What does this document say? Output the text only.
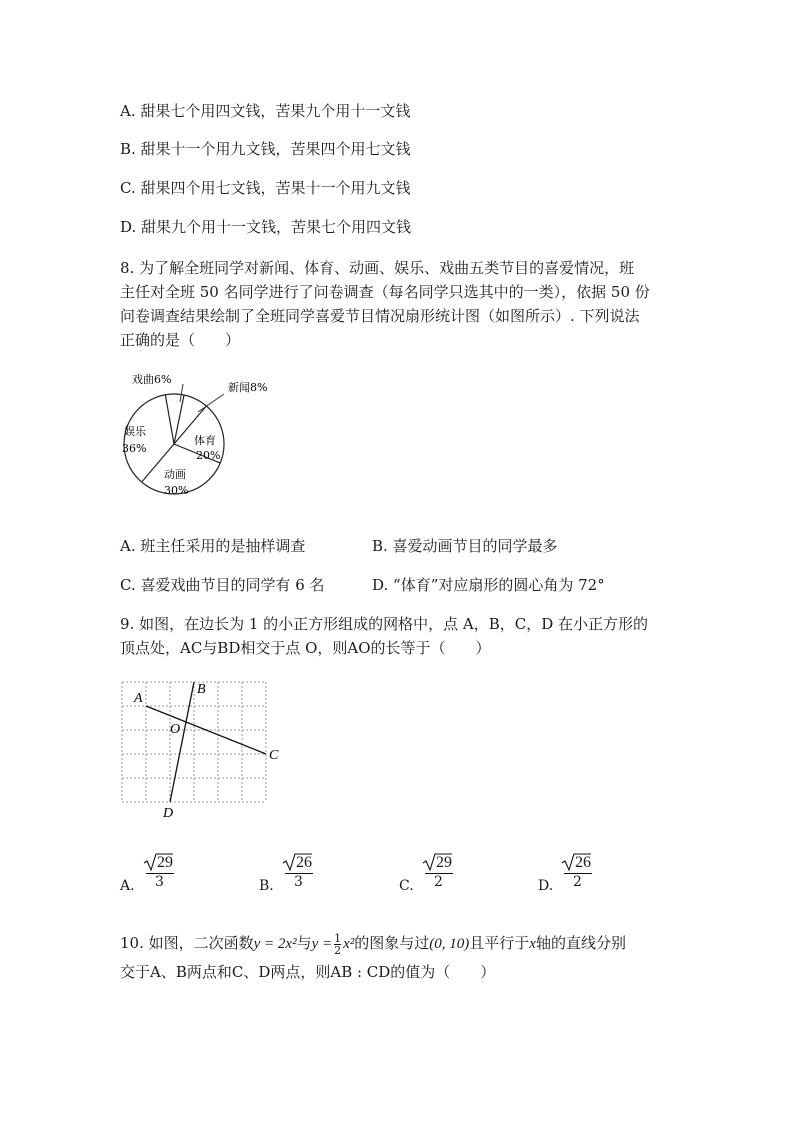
A. 甜果七个用四文钱，苦果九个用十一文钱
B. 甜果十一个用九文钱，苦果四个用七文钱
C. 甜果四个用七文钱，苦果十一个用九文钱
D. 甜果九个用十一文钱，苦果七个用四文钱
8. 为了解全班同学对新闻、体育、动画、娱乐、戏曲五类节目的喜爱情况，班
主任对全班 50 名同学进行了问卷调查（每名同学只选其中的一类），依据 50 份
问卷调查结果绘制了全班同学喜爱节目情况扇形统计图（如图所示）. 下列说法
正确的是（　　）
戏曲6%
新闻8%
体育
20%
动画
30%
娱乐
36%
A. 班主任采用的是抽样调查	B. 喜爱动画节目的同学最多
C. 喜爱戏曲节目的同学有 6 名	D. “体育”对应扇形的圆心角为 72°
9. 如图，在边长为 1 的小正方形组成的网格中，点 A，B，C，D 在小正方形的
顶点处，AC与BD相交于点 O，则AO的长等于（　　）
A
B
C
D
O
A.
29
3	B.
26
3	C.
29
2	D.
26
2
10. 如图，二次函数y = 2x²与$y = \frac{1}{2} x^2$的图象与过(0, 10)且平行于x轴的直线分别
交于A、B两点和C、D两点，则AB : CD的值为（　　）
